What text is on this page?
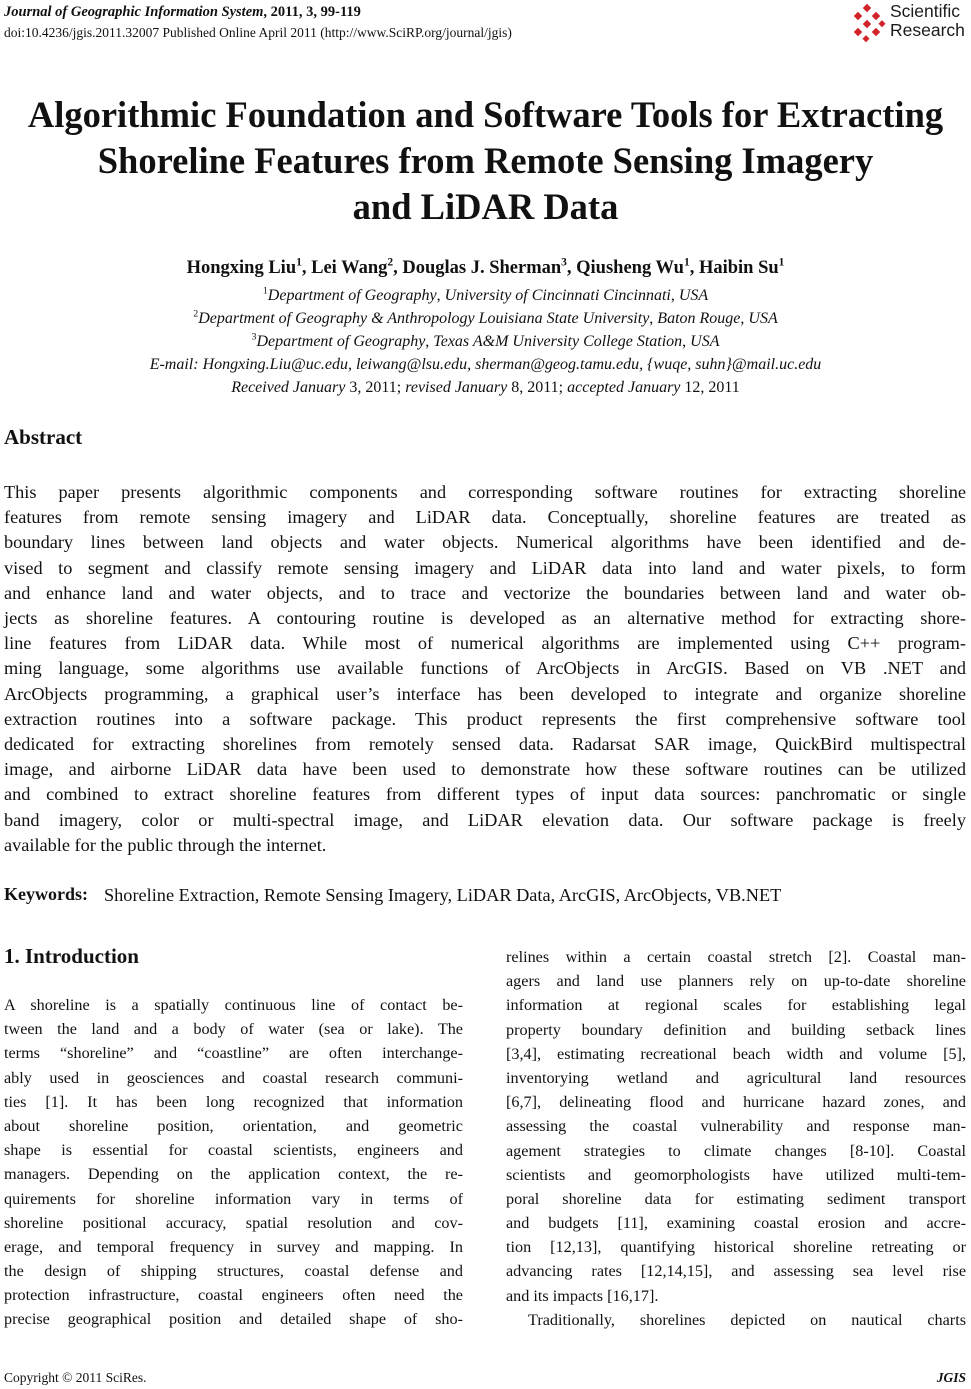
Journal of Geographic Information System, 2011, 3, 99-119
doi:10.4236/jgis.2011.32007 Published Online April 2011 (http://www.SciRP.org/journal/jgis)
Scientific
Research
Algorithmic Foundation and Software Tools for Extracting
Shoreline Features from Remote Sensing Imagery
and LiDAR Data
Hongxing Liu$^1$, Lei Wang$^2$, Douglas J. Sherman$^3$, Qiusheng Wu$^1$, Haibin Su$^1$
$^1$Department of Geography, University of Cincinnati Cincinnati, USA
$^2$Department of Geography & Anthropology Louisiana State University, Baton Rouge, USA
$^3$Department of Geography, Texas A&M University College Station, USA
E-mail: Hongxing.Liu@uc.edu, leiwang@lsu.edu, sherman@geog.tamu.edu, {wuqe, suhn}@mail.uc.edu
Received January 3, 2011; revised January 8, 2011; accepted January 12, 2011
Abstract
This paper presents algorithmic components and corresponding software routines for extracting shoreline
features from remote sensing imagery and LiDAR data. Conceptually, shoreline features are treated as
boundary lines between land objects and water objects. Numerical algorithms have been identified and de-
vised to segment and classify remote sensing imagery and LiDAR data into land and water pixels, to form
and enhance land and water objects, and to trace and vectorize the boundaries between land and water ob-
jects as shoreline features. A contouring routine is developed as an alternative method for extracting shore-
line features from LiDAR data. While most of numerical algorithms are implemented using C++ program-
ming language, some algorithms use available functions of ArcObjects in ArcGIS. Based on VB .NET and
ArcObjects programming, a graphical user’s interface has been developed to integrate and organize shoreline
extraction routines into a software package. This product represents the first comprehensive software tool
dedicated for extracting shorelines from remotely sensed data. Radarsat SAR image, QuickBird multispectral
image, and airborne LiDAR data have been used to demonstrate how these software routines can be utilized
and combined to extract shoreline features from different types of input data sources: panchromatic or single
band imagery, color or multi-spectral image, and LiDAR elevation data. Our software package is freely
available for the public through the internet.
Keywords: Shoreline Extraction, Remote Sensing Imagery, LiDAR Data, ArcGIS, ArcObjects, VB.NET
1. Introduction
A shoreline is a spatially continuous line of contact be-
tween the land and a body of water (sea or lake). The
terms “shoreline” and “coastline” are often interchange-
ably used in geosciences and coastal research communi-
ties [1]. It has been long recognized that information
about shoreline position, orientation, and geometric
shape is essential for coastal scientists, engineers and
managers. Depending on the application context, the re-
quirements for shoreline information vary in terms of
shoreline positional accuracy, spatial resolution and cov-
erage, and temporal frequency in survey and mapping. In
the design of shipping structures, coastal defense and
protection infrastructure, coastal engineers often need the
precise geographical position and detailed shape of sho-
relines within a certain coastal stretch [2]. Coastal man-
agers and land use planners rely on up-to-date shoreline
information at regional scales for establishing legal
property boundary definition and building setback lines
[3,4], estimating recreational beach width and volume [5],
inventorying wetland and agricultural land resources
[6,7], delineating flood and hurricane hazard zones, and
assessing the coastal vulnerability and response man-
agement strategies to climate changes [8-10]. Coastal
scientists and geomorphologists have utilized multi-tem-
poral shoreline data for estimating sediment transport
and budgets [11], examining coastal erosion and accre-
tion [12,13], quantifying historical shoreline retreating or
advancing rates [12,14,15], and assessing sea level rise
and its impacts [16,17].
Traditionally, shorelines depicted on nautical charts
Copyright © 2011 SciRes.	JGIS
